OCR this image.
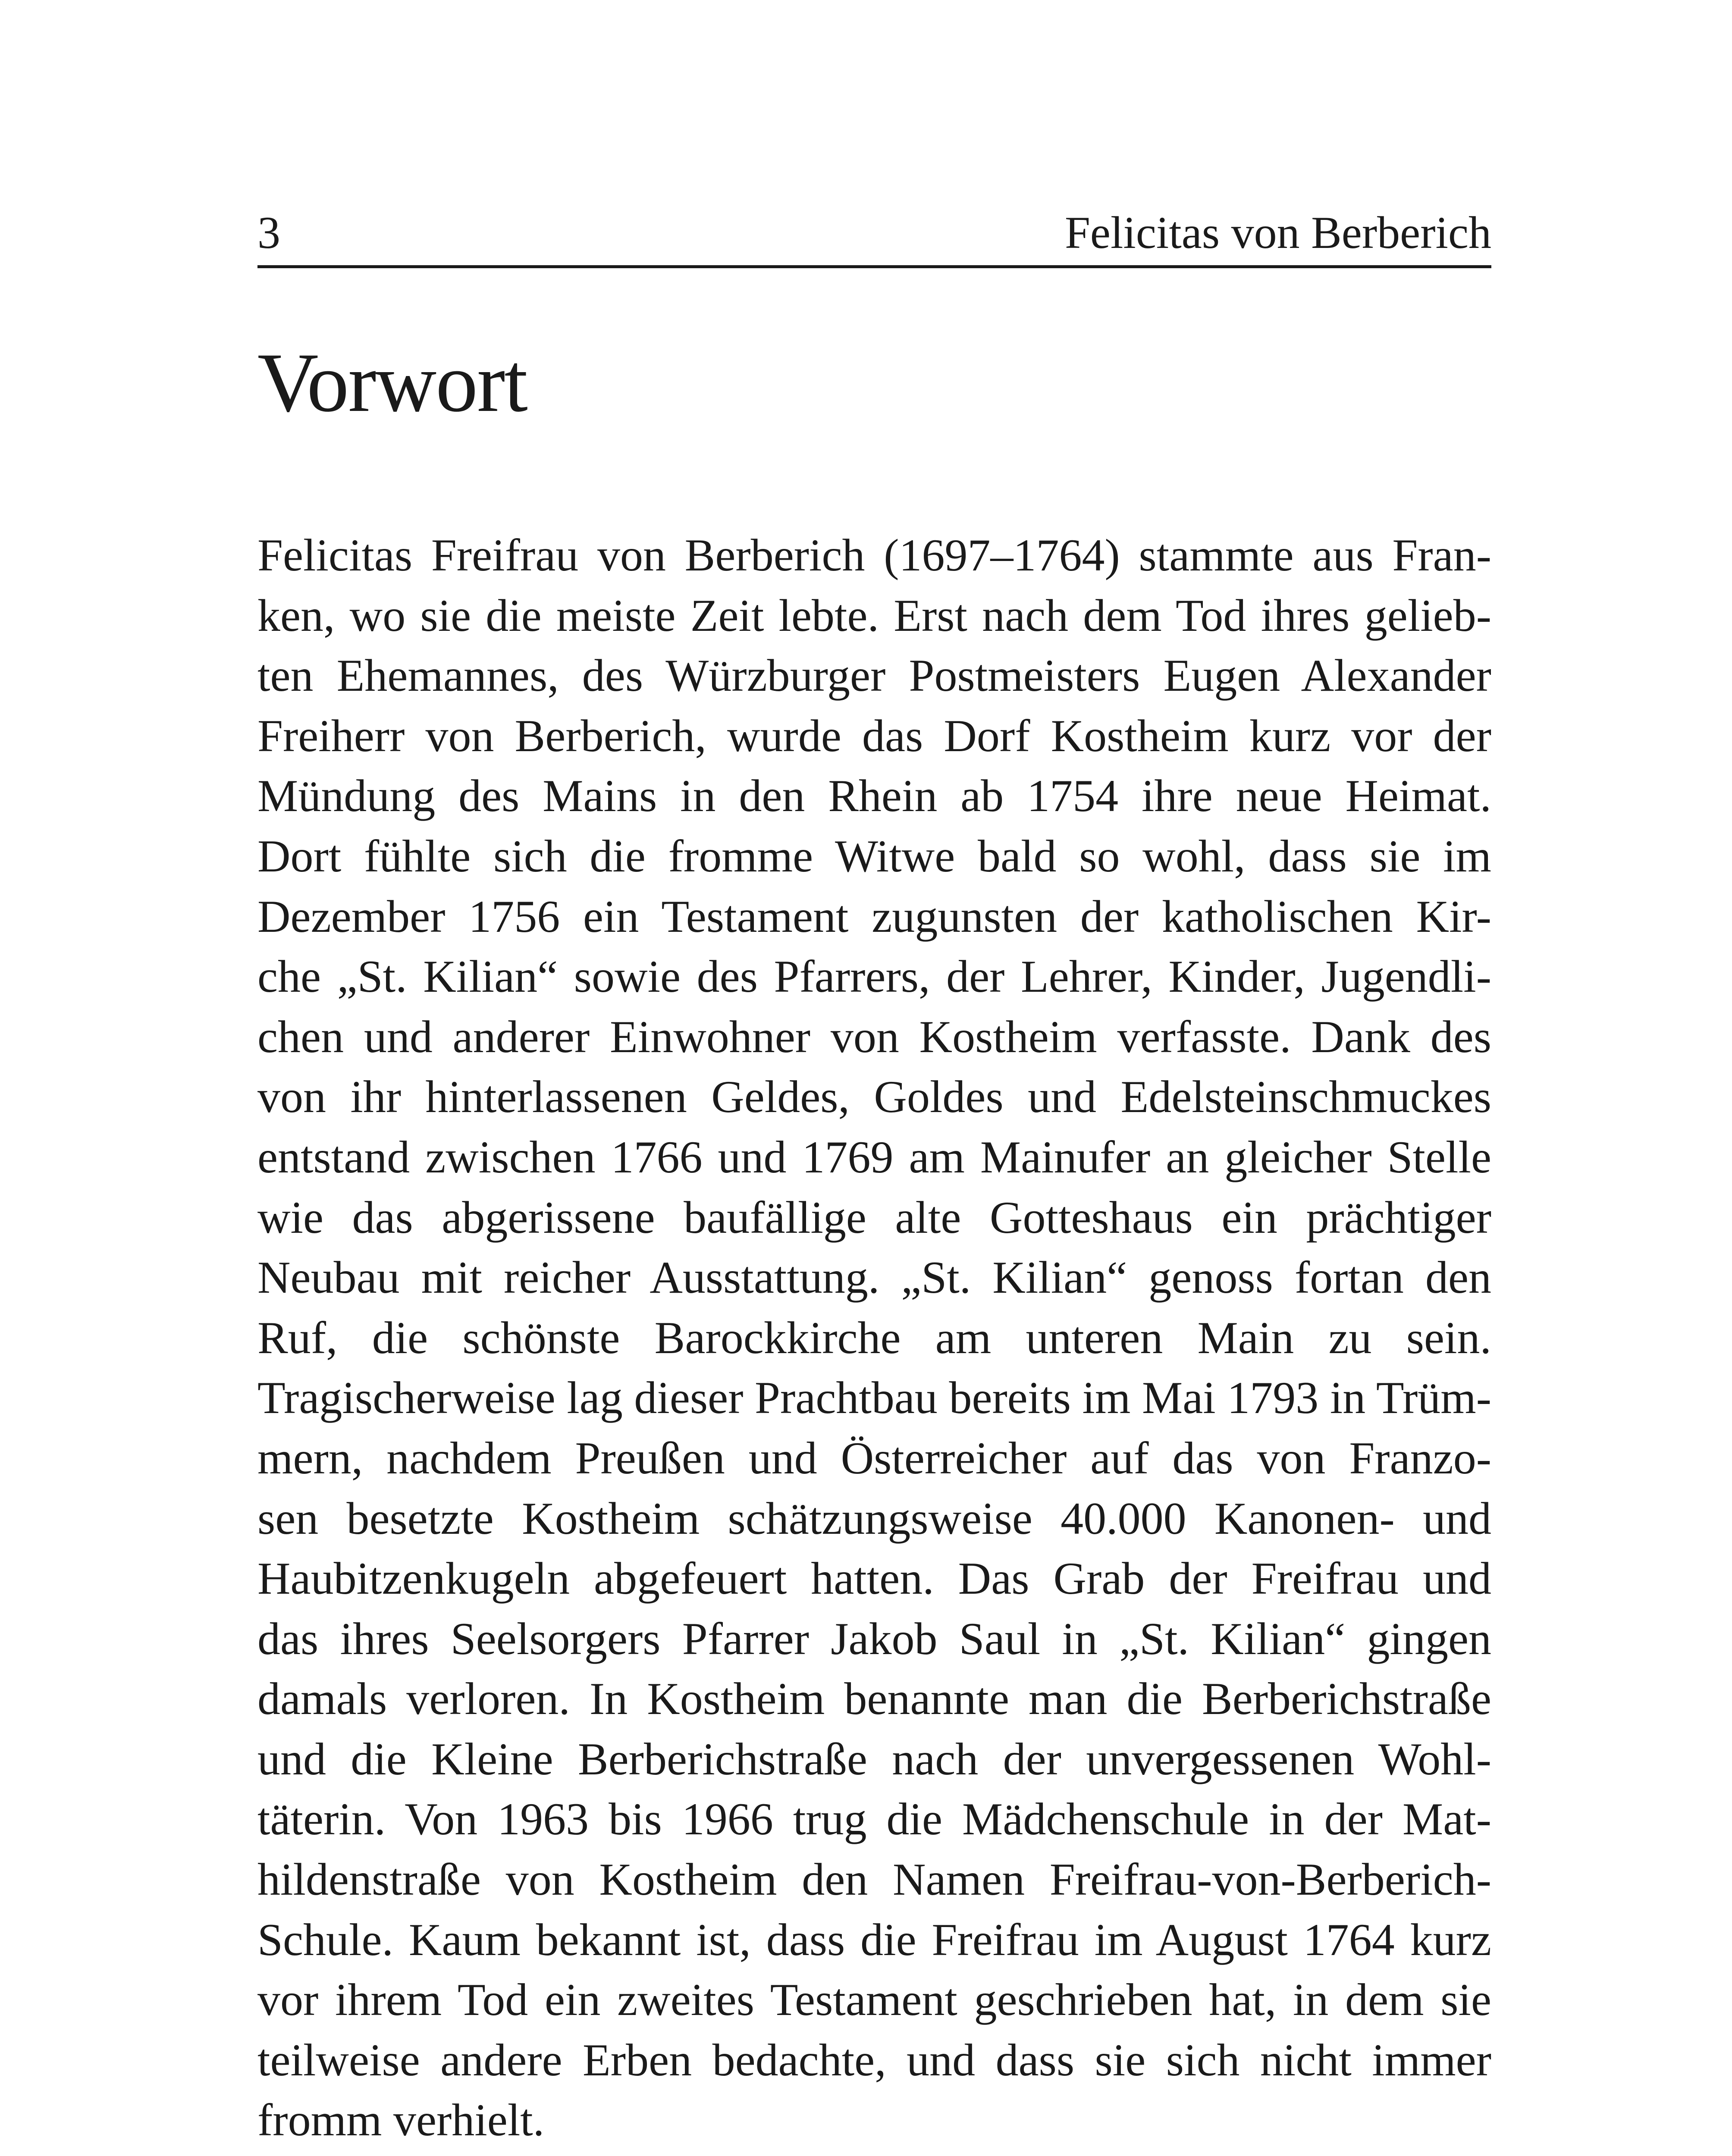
3	Felicitas von Berberich
Vorwort
Felicitas Freifrau von Berberich (1697–1764) stammte aus Fran-
ken, wo sie die meiste Zeit lebte. Erst nach dem Tod ihres gelieb-
ten Ehemannes, des Würzburger Postmeisters Eugen Alexander
Freiherr von Berberich, wurde das Dorf Kostheim kurz vor der
Mündung des Mains in den Rhein ab 1754 ihre neue Heimat.
Dort fühlte sich die fromme Witwe bald so wohl, dass sie im
Dezember 1756 ein Testament zugunsten der katholischen Kir-
che „St. Kilian“ sowie des Pfarrers, der Lehrer, Kinder, Jugendli-
chen und anderer Einwohner von Kostheim verfasste. Dank des
von ihr hinterlassenen Geldes, Goldes und Edelsteinschmuckes
entstand zwischen 1766 und 1769 am Mainufer an gleicher Stelle
wie das abgerissene baufällige alte Gotteshaus ein prächtiger
Neubau mit reicher Ausstattung. „St. Kilian“ genoss fortan den
Ruf, die schönste Barockkirche am unteren Main zu sein.
Tragischerweise lag dieser Prachtbau bereits im Mai 1793 in Trüm-
mern, nachdem Preußen und Österreicher auf das von Franzo-
sen besetzte Kostheim schätzungsweise 40.000 Kanonen- und
Haubitzenkugeln abgefeuert hatten. Das Grab der Freifrau und
das ihres Seelsorgers Pfarrer Jakob Saul in „St. Kilian“ gingen
damals verloren. In Kostheim benannte man die Berberichstraße
und die Kleine Berberichstraße nach der unvergessenen Wohl-
täterin. Von 1963 bis 1966 trug die Mädchenschule in der Mat-
hildenstraße von Kostheim den Namen Freifrau-von-Berberich-
Schule. Kaum bekannt ist, dass die Freifrau im August 1764 kurz
vor ihrem Tod ein zweites Testament geschrieben hat, in dem sie
teilweise andere Erben bedachte, und dass sie sich nicht immer
fromm verhielt.
